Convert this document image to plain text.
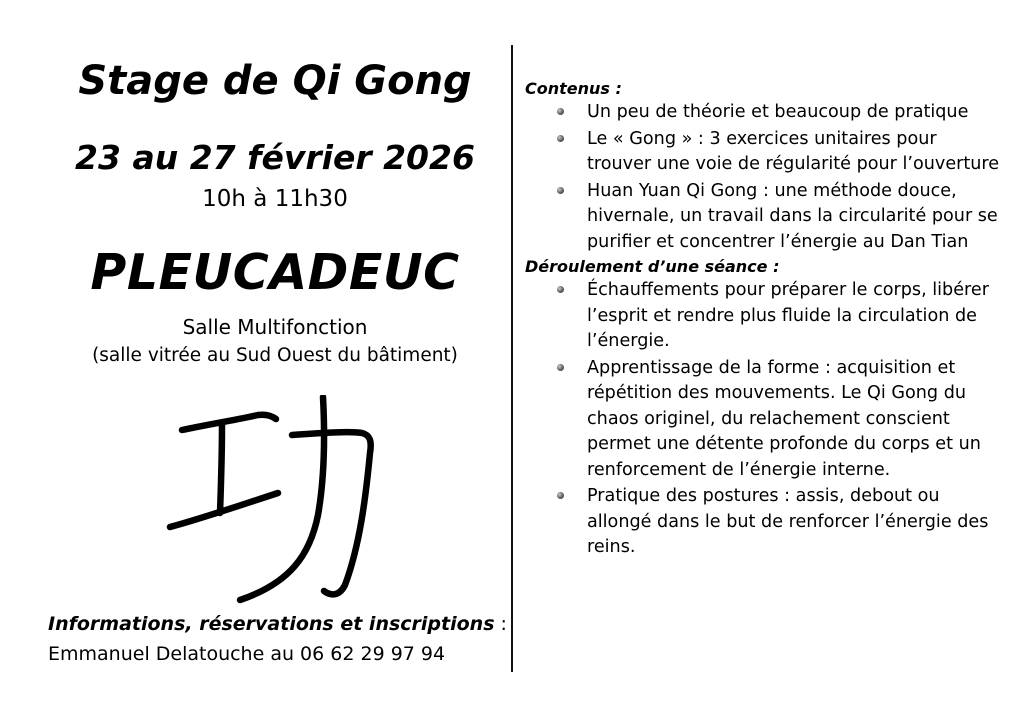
Stage de Qi Gong
23 au 27 février 2026
10h à 11h30
PLEUCADEUC
Salle Multifonction
(salle vitrée au Sud Ouest du bâtiment)
Informations, réservations et inscriptions :
Emmanuel Delatouche au 06 62 29 97 94
Contenus :
Un peu de théorie et beaucoup de pratique
Le « Gong » : 3 exercices unitaires pour trouver une voie de régularité pour l’ouverture
Huan Yuan Qi Gong : une méthode douce, hivernale, un travail dans la circularité pour se purifier et concentrer l’énergie au Dan Tian
Déroulement d’une séance :
Échauffements pour préparer le corps, libérer l’esprit et rendre plus fluide la circulation de l’énergie.
Apprentissage de la forme : acquisition et répétition des mouvements. Le Qi Gong du chaos originel, du relachement conscient permet une détente profonde du corps et un renforcement de l’énergie interne.
Pratique des postures : assis, debout ou allongé dans le but de renforcer l’énergie des reins.
